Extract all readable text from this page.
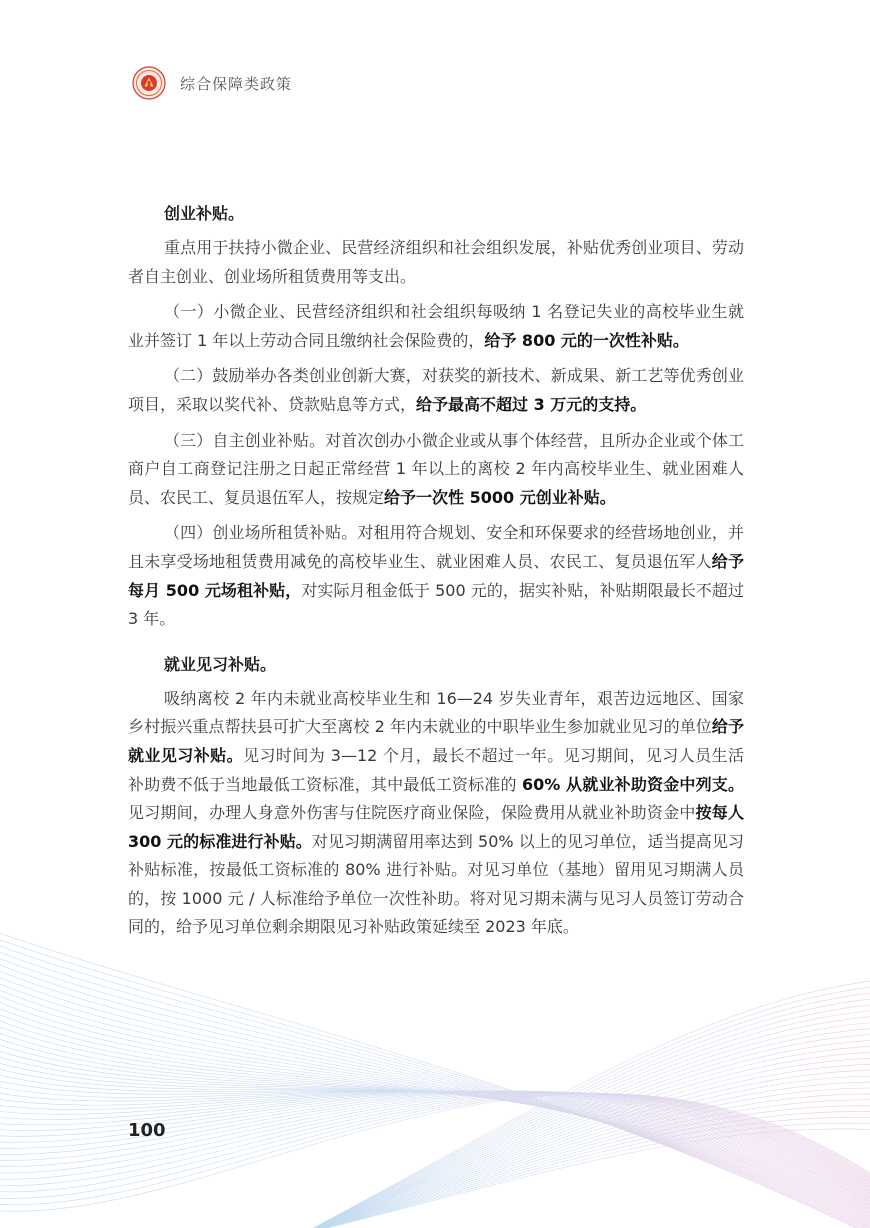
综合保障类政策
创业补贴。

重点用于扶持小微企业、民营经济组织和社会组织发展，补贴优秀创业项目、劳动者自主创业、创业场所租赁费用等支出。

（一）小微企业、民营经济组织和社会组织每吸纳 1 名登记失业的高校毕业生就业并签订 1 年以上劳动合同且缴纳社会保险费的，给予 800 元的一次性补贴。

（二）鼓励举办各类创业创新大赛，对获奖的新技术、新成果、新工艺等优秀创业项目，采取以奖代补、贷款贴息等方式，给予最高不超过 3 万元的支持。

（三）自主创业补贴。对首次创办小微企业或从事个体经营，且所办企业或个体工商户自工商登记注册之日起正常经营 1 年以上的离校 2 年内高校毕业生、就业困难人员、农民工、复员退伍军人，按规定给予一次性 5000 元创业补贴。

（四）创业场所租赁补贴。对租用符合规划、安全和环保要求的经营场地创业，并且未享受场地租赁费用减免的高校毕业生、就业困难人员、农民工、复员退伍军人给予每月 500 元场租补贴，对实际月租金低于 500 元的，据实补贴，补贴期限最长不超过 3 年。

就业见习补贴。

吸纳离校 2 年内未就业高校毕业生和 16—24 岁失业青年，艰苦边远地区、国家乡村振兴重点帮扶县可扩大至离校 2 年内未就业的中职毕业生参加就业见习的单位给予就业见习补贴。见习时间为 3—12 个月，最长不超过一年。见习期间，见习人员生活补助费不低于当地最低工资标准，其中最低工资标准的 60% 从就业补助资金中列支。见习期间，办理人身意外伤害与住院医疗商业保险，保险费用从就业补助资金中按每人 300 元的标准进行补贴。对见习期满留用率达到 50% 以上的见习单位，适当提高见习补贴标准，按最低工资标准的 80% 进行补贴。对见习单位（基地）留用见习期满人员的，按 1000 元 / 人标准给予单位一次性补助。将对见习期未满与见习人员签订劳动合同的，给予见习单位剩余期限见习补贴政策延续至 2023 年底。

100
